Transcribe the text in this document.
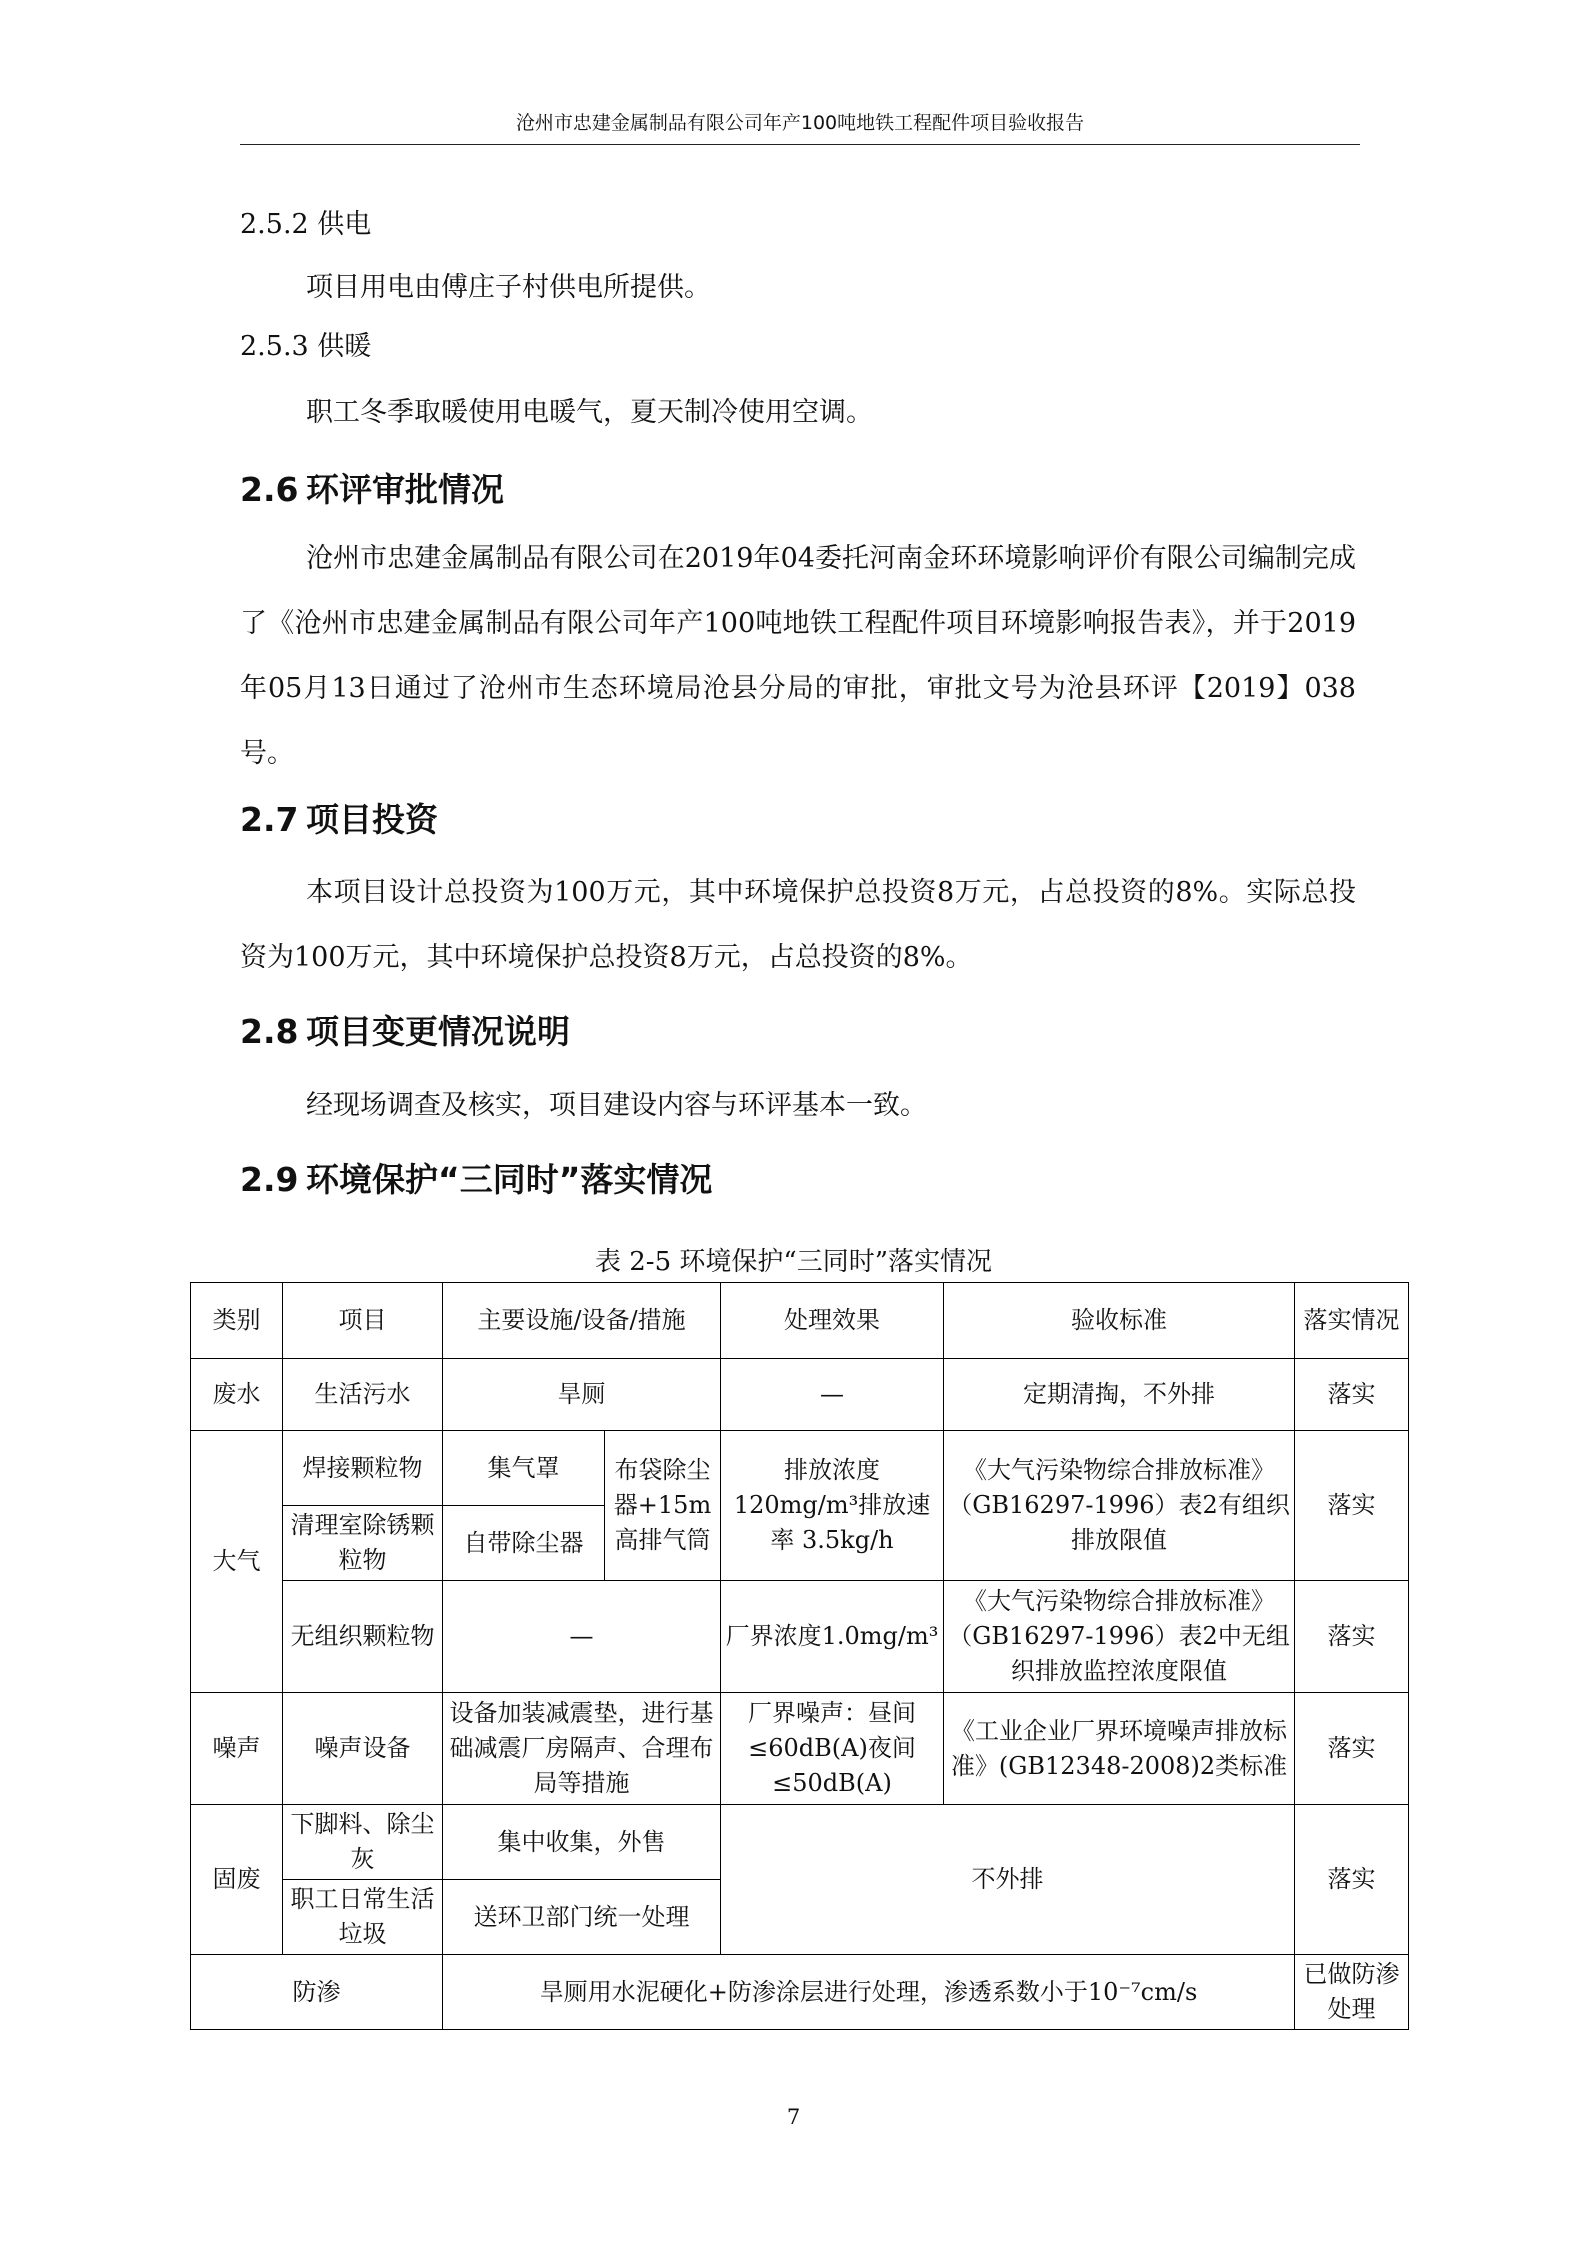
沧州市忠建金属制品有限公司年产100吨地铁工程配件项目验收报告
2.5.2 供电

项目用电由傅庄子村供电所提供。

2.5.3 供暖

职工冬季取暖使用电暖气，夏天制冷使用空调。

2.6 环评审批情况

沧州市忠建金属制品有限公司在2019年04委托河南金环环境影响评价有限公司编制完成了《沧州市忠建金属制品有限公司年产100吨地铁工程配件项目环境影响报告表》，并于2019年05月13日通过了沧州市生态环境局沧县分局的审批，审批文号为沧县环评【2019】038号。

2.7 项目投资

本项目设计总投资为100万元，其中环境保护总投资8万元，占总投资的8%。实际总投资为100万元，其中环境保护总投资8万元，占总投资的8%。

2.8 项目变更情况说明

经现场调查及核实，项目建设内容与环评基本一致。

2.9 环境保护“三同时”落实情况
表 2-5 环境保护“三同时”落实情况
类别	项目	主要设施/设备/措施		处理效果	验收标准	落实情况
废水	生活污水	旱厕		—	定期清掏，不外排	落实
大气	焊接颗粒物	集气罩	布袋除尘器+15m高排气筒	排放浓度120mg/m³排放速率 3.5kg/h	《大气污染物综合排放标准》（GB16297-1996）表2有组织排放限值	落实
	清理室除锈颗粒物	自带除尘器				
	无组织颗粒物	—		厂界浓度1.0mg/m³	《大气污染物综合排放标准》（GB16297-1996）表2中无组织排放监控浓度限值	落实
噪声	噪声设备	设备加装减震垫，进行基础减震厂房隔声、合理布局等措施		厂界噪声：昼间≤60dB(A)夜间≤50dB(A)	《工业企业厂界环境噪声排放标准》(GB12348-2008)2类标准	落实
固废	下脚料、除尘灰	集中收集，外售		不外排		落实
	职工日常生活垃圾	送环卫部门统一处理				
防渗		旱厕用水泥硬化+防渗涂层进行处理，渗透系数小于10⁻⁷cm/s				已做防渗处理
7
